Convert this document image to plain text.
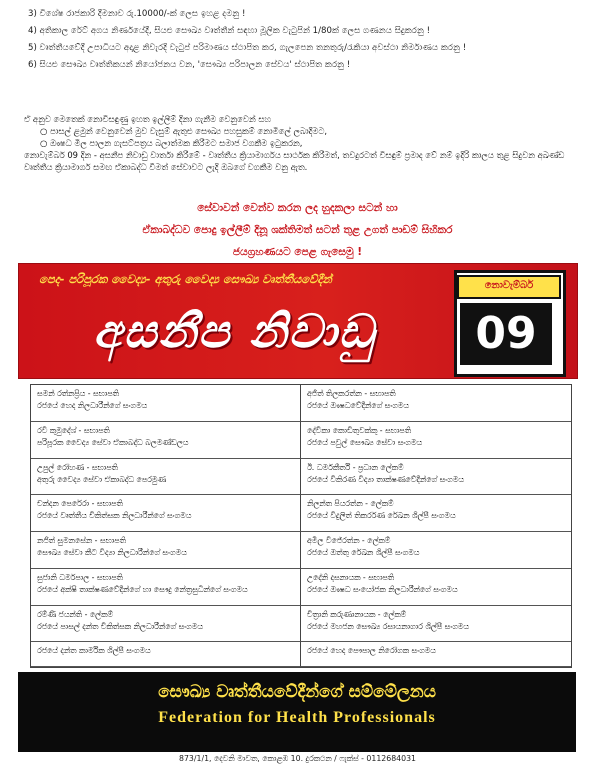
3) විශේෂ රාජකාරි දීමනාව රු.10000/-ක් ලෙස ඉහළ දමනු !
4) අතිකාල රේට් අගය නිර්ණයේදී, සියළු සෞඛ්‍ය වෘත්තීන් සඳහා මූලික වැටුපින් 1/80ක් ලෙස ගණනය සිදුකරනු !
5) වෘත්තීයවේදී උපාධියට අදාළ නිවැරදි වැටුප් පරිමාණය ස්ථාපිත කර, ගැලපෙන තනතුරු/රැකියා අවස්ථා නිර්මාණය කරනු !
6) සියළු සෞඛ්‍ය වෘත්තිකයන් නියෝජනය වන, 'සෞඛ්‍ය පරිපාලන සේවය' ස්ථාපිත කරනු !
ඒ අනුව මෙතෙක් නොවිසඳුණු ඉහත ඉල්ලීම් දිනා ගැනීම වෙනුවෙන් සහ
○ පාසල් ළමුන් වෙනුවෙන් මුව වැසුම් ඇතුළු සෞඛ්‍ය පහසුකම් නොමිලේ ලබාදීමට,
○ ඖෂධ මිල පාලන ගැසට්පත්‍රය බලාත්මක කිරීමට සමාජ වගකීම ඉටුකරන,
නොවැම්බර් 09 දින - අසනීප නිවාඩු වාර්තා කිරීමේ - වෘත්තීය ක්‍රියාමාර්ගය සාර්ථක කිරීමත්, තවදුරටත් විසඳුම් ප්‍රමාද වේ නම් ඉදිරි කාලය තුළ සිදුවන අඛණ්ඩ වෘත්තීය ක්‍රියාමාර්ග සමඟ ඒකාබද්ධ වීමත් සේවාවට ලැදි ඔබගේ වගකීම වනු ඇත.
සේවාවන් වෙන්ව කරන ලද හුදකලා සටන් හා
ඒකාබද්ධව පොදු ඉල්ලීම් දිනූ ශක්තිමත් සටන් තුළ උගත් පාඩම් සිහිකර
ජයග්‍රහණයට පෙළ ගැසෙමු !
පෙද- පරිපූරක වෛද්‍ය- අතුරු වෛද්‍ය සෞඛ්‍ය වෘත්තීයවේදීන්
අසනීප නිවාඩු
නොවැම්බර්
09
සමන් රත්නප්‍රිය - සභාපති
රජයේ හෙද නිලධාරීන්ගේ සංගමය
අජිත් තිලකරත්න - සභාපති
රජයේ ඖෂධවේදීන්ගේ සංගමය
රවි කුමුදේශ් - සභාපති
පරිපූරක වෛද්‍ය සේවා ඒකාබද්ධ බලමණ්ඩලය
දේවිකා කොඩිතුවක්කු - සභාපති
රජයේ පවුල් සෞඛ්‍ය සේවා සංගමය
උපුල් රෝහණ - සභාපති
අතුරු වෛද්‍ය සේවා ඒකාබද්ධ පෙරමුණ
ඊ. ධර්මකීර්ති - ප්‍රධාන ලේකම්
රජයේ විකිරණ විද්‍යා තාක්ෂණවේදීන්ගේ සංගමය
චන්දන පෙරේරා - සභාපති
රජයේ වෘත්තීය චිකිත්සක නිලධාරීන්ගේ සංගමය
නිලන්ත පියරත්න - ලේකම්
රජයේ විදුලිත් තිකර්රණ රේඛන ශිල්පී සංගමය
නජිත් සුමනසේන - සභාපති
සෞඛ්‍ය සේවා කීට විද්‍යා නිලධාරීන්ගේ සංගමය
අමිල විජේරත්න - ලේකම්
රජයේ ඔත්තු රේඛන ශිල්පී සංගමය
සුජානි ධර්මපාල - සභාපති
රජයේ අක්ෂි තාක්ෂණවේදීන්ගේ හා සෞදු නේත්‍රසුධින්ගේ සංගමය
උදේනි දසනායක - සභාපති
රජයේ ඖෂධ සංයෝජක නිලධාරීන්ගේ සංගමය
රම්ණී ජයන්ති - ලේකම්
රජයේ පාසල් දන්ත චිකිත්සක නිලධාරීන්ගේ සංගමය
චිත්‍රානි කරුණානායක - ලේකම්
රජයේ මහජන සෞඛ්‍ය රසායනාගාර ශිල්පී සංගමය
රජයේ දන්ත කාර්මික ශිල්පී සංගමය	රජයේ හෙද පෞපාල නිරෝගක සංගමය
සෞඛ්‍ය වෘත්තීයවේදීන්ගේ සම්මේලනය
Federation for Health Professionals
873/1/1, දෙවනි මාවත, කොළඹ 10. දුරකථන / ෆැක්ස් - 0112684031
